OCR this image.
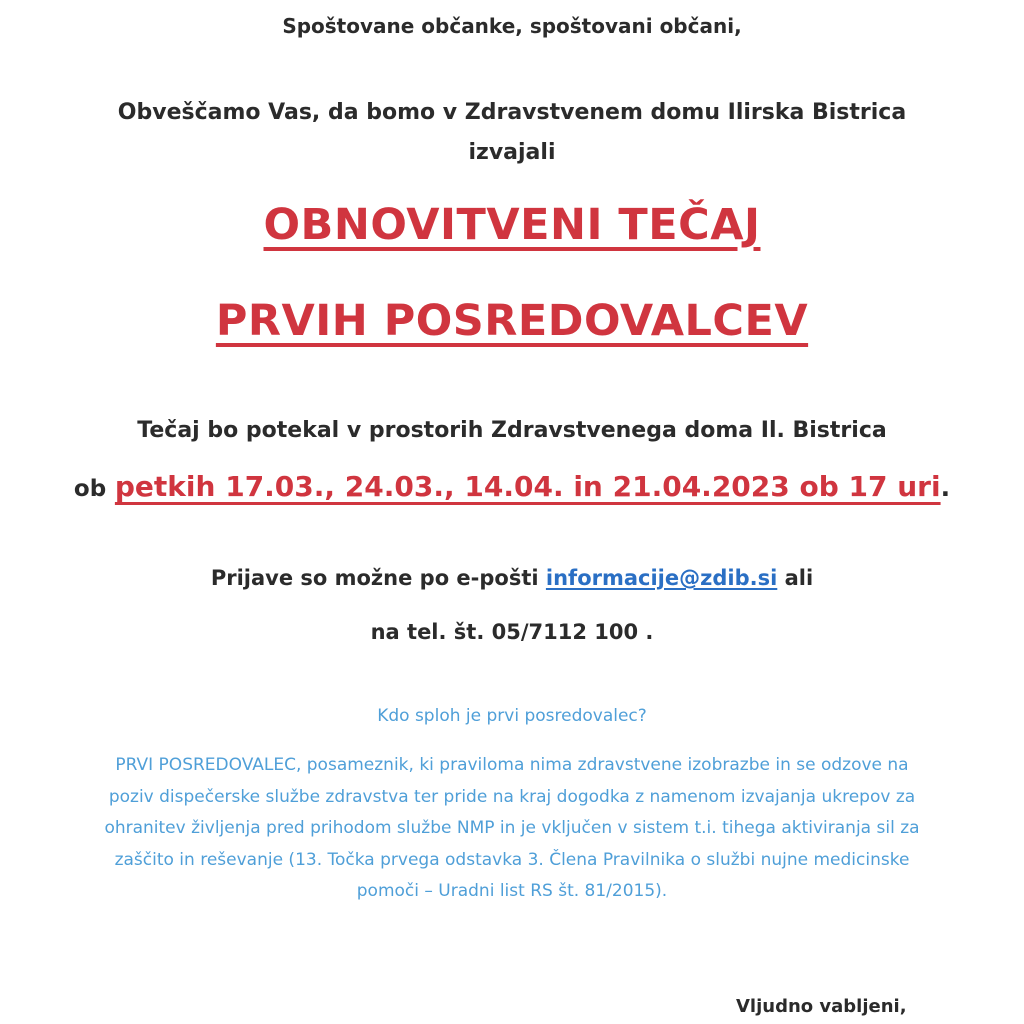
Spoštovane občanke, spoštovani občani,
Obveščamo Vas, da bomo v Zdravstvenem domu Ilirska Bistrica
izvajali
OBNOVITVENI TEČAJ
PRVIH POSREDOVALCEV
Tečaj bo potekal v prostorih Zdravstvenega doma Il. Bistrica
ob petkih 17.03., 24.03., 14.04. in 21.04.2023 ob 17 uri.
Prijave so možne po e-pošti informacije@zdib.si ali
na tel. št. 05/7112 100 .
Kdo sploh je prvi posredovalec?
PRVI POSREDOVALEC, posameznik, ki praviloma nima zdravstvene izobrazbe in se odzove na poziv dispečerske službe zdravstva ter pride na kraj dogodka z namenom izvajanja ukrepov za ohranitev življenja pred prihodom službe NMP in je vključen v sistem t.i. tihega aktiviranja sil za zaščito in reševanje (13. Točka prvega odstavka 3. Člena Pravilnika o službi nujne medicinske pomoči – Uradni list RS št. 81/2015).
Vljudno vabljeni,
